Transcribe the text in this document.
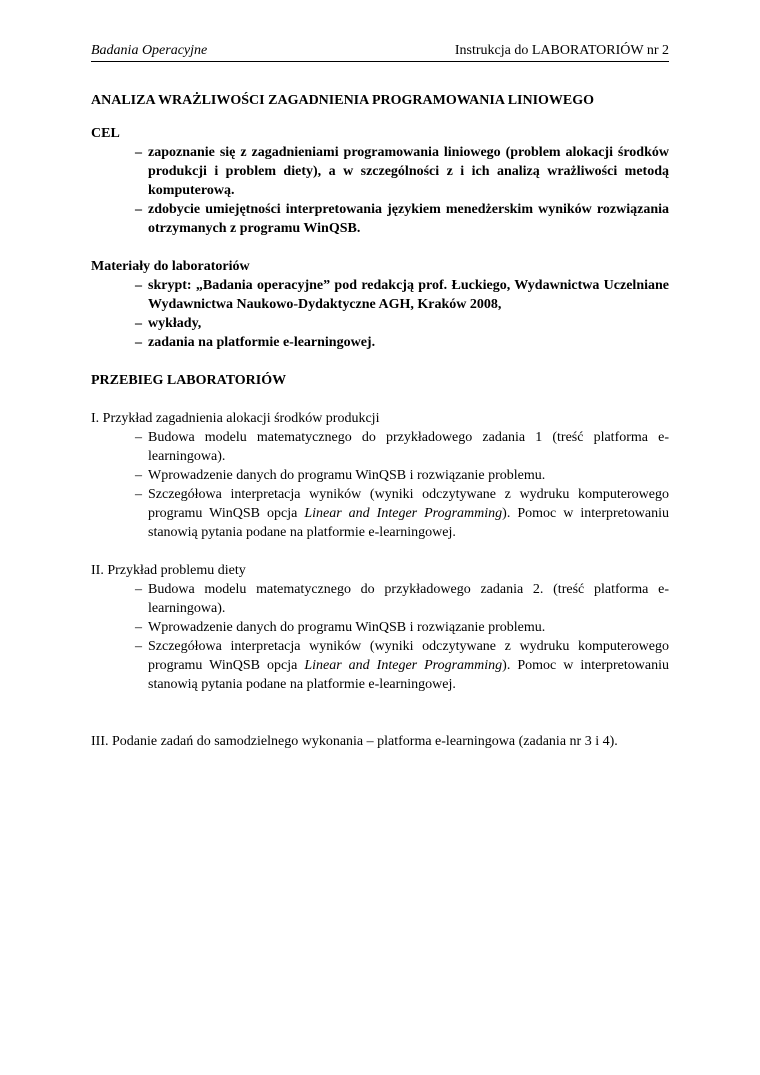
Badania Operacyjne	Instrukcja do LABORATORIÓW nr 2
ANALIZA WRAŻLIWOŚCI ZAGADNIENIA PROGRAMOWANIA LINIOWEGO
CEL
– zapoznanie się z zagadnieniami programowania liniowego (problem alokacji środków produkcji i problem diety), a w szczególności z i ich analizą wrażliwości metodą komputerową.
– zdobycie umiejętności interpretowania językiem menedżerskim wyników rozwiązania otrzymanych z programu WinQSB.
Materiały do laboratoriów
– skrypt: „Badania operacyjne” pod redakcją prof. Łuckiego, Wydawnictwa Uczelniane Wydawnictwa Naukowo-Dydaktyczne AGH, Kraków 2008,
– wykłady,
– zadania na platformie e-learningowej.
PRZEBIEG LABORATORIÓW
I. Przykład zagadnienia alokacji środków produkcji
– Budowa modelu matematycznego do przykładowego zadania 1 (treść platforma e-learningowa).
– Wprowadzenie danych do programu WinQSB i rozwiązanie problemu.
– Szczegółowa interpretacja wyników (wyniki odczytywane z wydruku komputerowego programu WinQSB opcja Linear and Integer Programming). Pomoc w interpretowaniu stanowią pytania podane na platformie e-learningowej.
II. Przykład problemu diety
– Budowa modelu matematycznego do przykładowego zadania 2. (treść platforma e-learningowa).
– Wprowadzenie danych do programu WinQSB i rozwiązanie problemu.
– Szczegółowa interpretacja wyników (wyniki odczytywane z wydruku komputerowego programu WinQSB opcja Linear and Integer Programming). Pomoc w interpretowaniu stanowią pytania podane na platformie e-learningowej.
III. Podanie zadań do samodzielnego wykonania – platforma e-learningowa (zadania nr 3 i 4).
